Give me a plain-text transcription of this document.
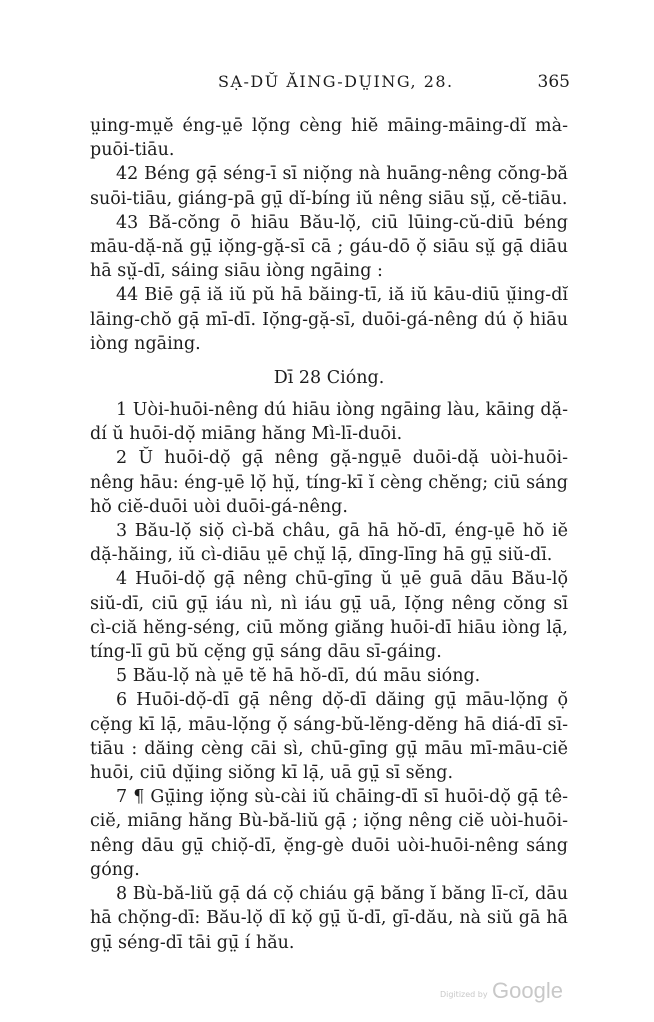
SẠ-DŬ ĂING-DṲING, 28.	365

ṳing-mṳĕ éng-ṳē lọ̆ng cèng hiĕ māing-māing-dĭ mà-puōi-tiāu.

42 Béng gạ̄ séng-ī sī niọ̆ng nà huāng-nêng cŏng-bă suōi-tiāu, giáng-pā gṳ̄ dĭ-bíng iŭ nêng siāu sṳ̆, cĕ-tiāu.

43 Bă-cŏng ō hiāu Bău-lọ̆, ciū lūing-cŭ-diū béng māu-dặ-nă gṳ̄ iọ̆ng-gặ-sī cā ; gáu-dō ọ̆ siāu sṳ̆ gạ̄ diāu hā sṳ̆-dī, sáing siāu iòng ngāing :

44 Biē gạ̄ iă iŭ pŭ hā băing-tī, iă iŭ kāu-diū ṳ̆ing-dĭ lāing-chŏ gạ̄ mī-dī. Iọ̆ng-gặ-sī, duōi-gá-nêng dú ọ̆ hiāu iòng ngāing.

Dī 28 Cióng.

1 Uòi-huōi-nêng dú hiāu iòng ngāing làu, kāing dặ-dí ŭ huōi-dọ̆ miāng hăng Mì-lī-duōi.

2 Ŭ huōi-dọ̆ gạ̄ nêng gặ-ngṳē duōi-dặ uòi-huōi-nêng hāu: éng-ṳē lọ̆ hṳ̆, tíng-kī ĭ cèng chĕng; ciū sáng hŏ ciĕ-duōi uòi duōi-gá-nêng.

3 Bău-lọ̆ siọ̆ cì-bă châu, gā hā hŏ-dī, éng-ṳē hŏ iĕ dặ-hăing, iŭ cì-diāu ṳē chṳ̆ lạ̄, dīng-līng hā gṳ̄ siŭ-dī.

4 Huōi-dọ̆ gạ̄ nêng chū-gīng ŭ ṳē guā dāu Bău-lọ̆ siŭ-dī, ciū gṳ̄ iáu nì, nì iáu gṳ̄ uā, Iọ̆ng nêng cŏng sī cì-ciă hĕng-séng, ciū mŏng giăng huōi-dī hiāu iòng lạ̄, tíng-lī gū bŭ cẹ̆ng gṳ̄ sáng dāu sī-gáing.

5 Bău-lọ̆ nà ṳē tĕ hā hŏ-dī, dú māu sióng.

6 Huōi-dọ̆-dī gạ̄ nêng dọ̆-dī dăing gṳ̄ māu-lọ̆ng ọ̆ cẹ̆ng kī lạ̄, māu-lọ̆ng ọ̆ sáng-bŭ-lĕng-dĕng hā diá-dī sī-tiāu : dăing cèng cāi sì, chū-gīng gṳ̄ māu mī-māu-ciĕ huōi, ciū dṳ̆ing siŏng kī lạ̄, uā gṳ̄ sī sĕng.

7 ¶ Gṳ̄ing iọ̆ng sù-cài iŭ chāing-dī sī huōi-dọ̆ gạ̄ tê-ciĕ, miāng hăng Bù-bă-liŭ gạ̄ ; iọ̆ng nêng ciĕ uòi-huōi-nêng dāu gṳ̄ chiọ̆-dī, ẹ̆ng-gè duōi uòi-huōi-nêng sáng góng.

8 Bù-bă-liŭ gạ̄ dá cọ̆ chiáu gạ̄ băng ĭ băng lī-cĭ, dāu hā chọ̆ng-dī: Bău-lọ̆ dī kọ̆ gṳ̄ ŭ-dī, gī-dău, nà siŭ gā hā gṳ̄ séng-dī tāi gṳ̄ í hău.

Digitized by Google
